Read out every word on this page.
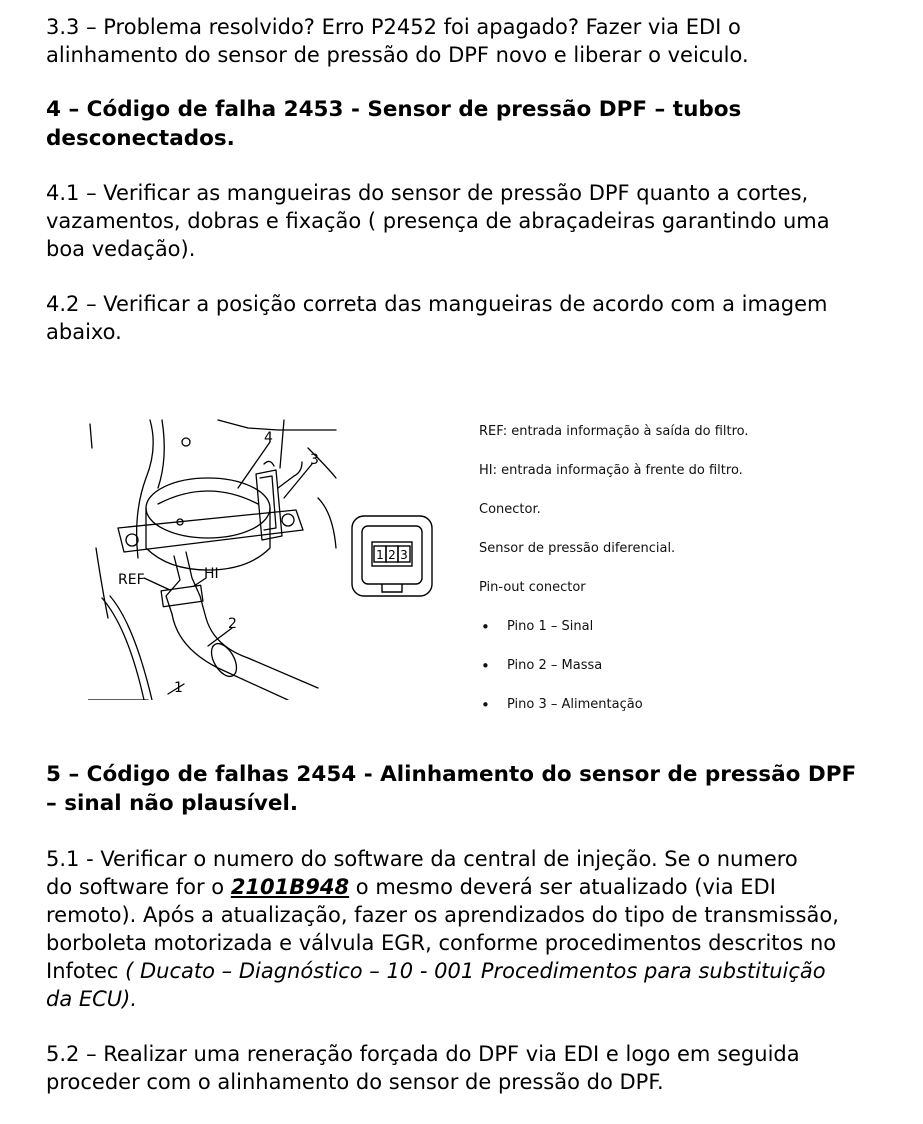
3.3 – Problema resolvido? Erro P2452 foi apagado? Fazer via EDI o
alinhamento do sensor de pressão do DPF novo e liberar o veiculo.

4 – Código de falha 2453 - Sensor de pressão DPF – tubos
desconectados.

4.1 – Verificar as mangueiras do sensor de pressão DPF quanto a cortes,
vazamentos, dobras e fixação ( presença de abraçadeiras garantindo uma
boa vedação).

4.2 – Verificar a posição correta das mangueiras de acordo com a imagem
abaixo.

5 – Código de falhas 2454 - Alinhamento do sensor de pressão DPF
– sinal não plausível.

5.1 - Verificar o numero do software da central de injeção. Se o numero
do software for o 2101B948 o mesmo deverá ser atualizado (via EDI
remoto). Após a atualização, fazer os aprendizados do tipo de transmissão,
borboleta motorizada e válvula EGR, conforme procedimentos descritos no
Infotec ( Ducato – Diagnóstico – 10 - 001 Procedimentos para substituição
da ECU).

5.2 – Realizar uma reneração forçada do DPF via EDI e logo em seguida
proceder com o alinhamento do sensor de pressão do DPF.

4
3
2
1
REF	HI
1 2 3
REF: entrada informação à saída do filtro.
HI: entrada informação à frente do filtro.
Conector.
Sensor de pressão diferencial.
Pin-out conector
• Pino 1 – Sinal
• Pino 2 – Massa
• Pino 3 – Alimentação
